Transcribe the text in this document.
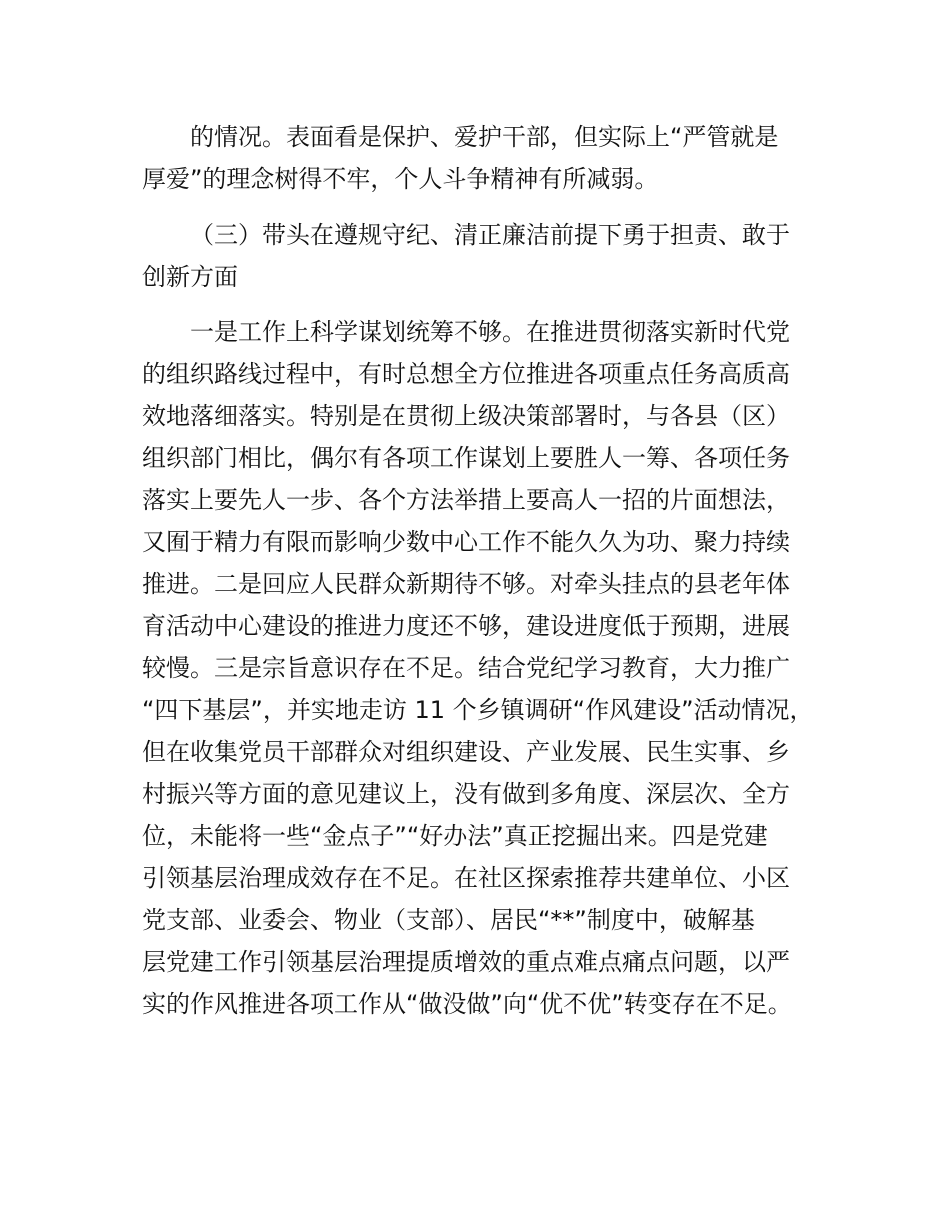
的情况。表面看是保护、爱护干部，但实际上“严管就是
厚爱”的理念树得不牢，个人斗争精神有所减弱。
（三）带头在遵规守纪、清正廉洁前提下勇于担责、敢于
创新方面
一是工作上科学谋划统筹不够。在推进贯彻落实新时代党
的组织路线过程中，有时总想全方位推进各项重点任务高质高
效地落细落实。特别是在贯彻上级决策部署时，与各县（区）
组织部门相比，偶尔有各项工作谋划上要胜人一筹、各项任务
落实上要先人一步、各个方法举措上要高人一招的片面想法，
又囿于精力有限而影响少数中心工作不能久久为功、聚力持续
推进。二是回应人民群众新期待不够。对牵头挂点的县老年体
育活动中心建设的推进力度还不够，建设进度低于预期，进展
较慢。三是宗旨意识存在不足。结合党纪学习教育，大力推广
“四下基层”，并实地走访 11 个乡镇调研“作风建设”活动情况，
但在收集党员干部群众对组织建设、产业发展、民生实事、乡
村振兴等方面的意见建议上，没有做到多角度、深层次、全方
位，未能将一些“金点子”“好办法”真正挖掘出来。四是党建
引领基层治理成效存在不足。在社区探索推荐共建单位、小区
党支部、业委会、物业（支部）、居民“**”制度中，破解基
层党建工作引领基层治理提质增效的重点难点痛点问题，以严
实的作风推进各项工作从“做没做”向“优不优”转变存在不足。
